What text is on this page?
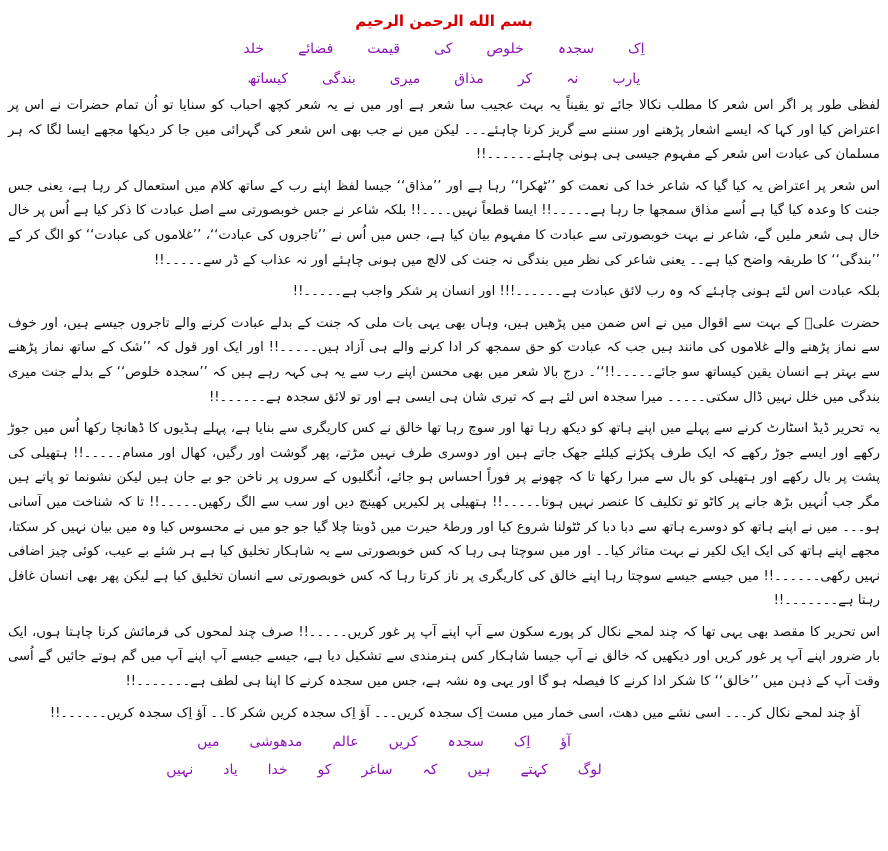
بسم الله الرحمن الرحیم
اِک
سجدہ
خلوص
کی
قیمت
فضائے
خلد
یارب
نہ
کر
مذاق
میری
بندگی
کیساتھ

لفظی طور پر اگر اس شعر کا مطلب نکالا جائے تو یقیناً یہ بہت عجیب سا شعر ہے اور میں نے یہ شعر کچھ احباب کو سنایا تو اُن تمام حضرات نے اس پر اعتراض کیا اور کہا کہ ایسے اشعار پڑھنے اور سننے سے گریز کرنا چاہئے۔۔۔ لیکن میں نے جب بھی اس شعر کی گہرائی میں جا کر دیکھا مجھے ایسا لگا کہ ہر مسلمان کی عبادت اس شعر کے مفہوم جیسی ہی ہونی چاہئے۔۔۔۔۔۔!!

اس شعر پر اعتراض یہ کیا گیا کہ شاعر خدا کی نعمت کو ’’ٹھکرا‘‘ رہا ہے اور ’’مذاق‘‘ جیسا لفظ اپنے رب کے ساتھ کلام میں استعمال کر رہا ہے، یعنی جس جنت کا وعدہ کیا گیا ہے اُسے مذاق سمجھا جا رہا ہے۔۔۔۔۔!! ایسا قطعاً نہیں۔۔۔۔!! بلکہ شاعر نے جس خوبصورتی سے اصل عبادت کا ذکر کیا ہے اُس پر خال خال ہی شعر ملیں گے، شاعر نے بہت خوبصورتی سے عبادت کا مفہوم بیان کیا ہے، جس میں اُس نے ’’تاجروں کی عبادت‘‘، ’’غلاموں کی عبادت‘‘ کو الگ کر کے ’’بندگی‘‘ کا طریقہ واضح کیا ہے۔۔ یعنی شاعر کی نظر میں بندگی نہ جنت کی لالچ میں ہونی چاہئے اور نہ عذاب کے ڈر سے۔۔۔۔۔!!

بلکہ عبادت اس لئے ہونی چاہئے کہ وہ رب لائق عبادت ہے۔۔۔۔۔۔!!! اور انسان پر شکر واجب ہے۔۔۔۔۔!!

حضرت علیؓ کے بہت سے اقوال میں نے اس ضمن میں پڑھیں ہیں، وہاں بھی یہی بات ملی کہ جنت کے بدلے عبادت کرنے والے تاجروں جیسے ہیں، اور خوف سے نماز پڑھنے والے غلاموں کی مانند ہیں جب کہ عبادت کو حق سمجھ کر ادا کرنے والے ہی آزاد ہیں۔۔۔۔۔!! اور ایک اور قول کہ ’’شک کے ساتھ نماز پڑھنے سے بہتر ہے انسان یقین کیساتھ سو جائے۔۔۔۔۔!!‘‘۔ درج بالا شعر میں بھی محسن اپنے رب سے یہ ہی کہہ رہے ہیں کہ ’’سجدہ خلوص‘‘ کے بدلے جنت میری بندگی میں خلل نہیں ڈال سکتی۔۔۔۔۔ میرا سجدہ اس لئے ہے کہ تیری شان ہی ایسی ہے اور تو لائق سجدہ ہے۔۔۔۔۔۔!!

یہ تحریر ڈیڈ اسٹارٹ کرنے سے پہلے میں اپنے ہاتھ کو دیکھ رہا تھا اور سوچ رہا تھا خالق نے کس کاریگری سے بنایا ہے، پہلے ہڈیوں کا ڈھانچا رکھا اُس میں جوڑ رکھے اور ایسے جوڑ رکھے کہ ایک طرف پکڑنے کیلئے جھک جاتے ہیں اور دوسری طرف نہیں مڑتے، پھر گوشت اور رگیں، کھال اور مسام۔۔۔۔۔!! ہتھیلی کی پشت پر بال رکھے اور ہتھیلی کو بال سے مبرا رکھا تا کہ چھونے پر فوراً احساس ہو جائے، اُنگلیوں کے سروں پر ناخن جو بے جان ہیں لیکن نشونما تو پاتے ہیں مگر جب اُنہیں بڑھ جانے پر کاٹو تو تکلیف کا عنصر نہیں ہوتا۔۔۔۔۔!! ہتھیلی پر لکیریں کھینچ دیں اور سب سے الگ رکھیں۔۔۔۔۔!! تا کہ شناخت میں آسانی ہو۔۔۔ میں نے اپنے ہاتھ کو دوسرے ہاتھ سے دبا دبا کر ٹٹولنا شروع کیا اور ورطۂ حیرت میں ڈوبتا چلا گیا جو جو میں نے محسوس کیا وہ میں بیان نہیں کر سکتا، مجھے اپنے ہاتھ کی ایک ایک لکیر نے بہت متاثر کیا۔۔ اور میں سوچتا ہی رہا کہ کس خوبصورتی سے یہ شاہکار تخلیق کیا ہے ہر شئے بے عیب، کوئی چیز اضافی نہیں رکھی۔۔۔۔۔۔!! میں جیسے جیسے سوچتا رہا اپنے خالق کی کاریگری پر ناز کرتا رہا کہ کس خوبصورتی سے انسان تخلیق کیا ہے لیکن پھر بھی انسان غافل رہتا ہے۔۔۔۔۔۔۔!!

اس تحریر کا مقصد بھی یہی تھا کہ چند لمحے نکال کر پورے سکون سے آپ اپنے آپ پر غور کریں۔۔۔۔۔!! صرف چند لمحوں کی فرمائش کرنا چاہتا ہوں، ایک بار ضرور اپنے آپ پر غور کریں اور دیکھیں کہ خالق نے آپ جیسا شاہکار کس ہنرمندی سے تشکیل دیا ہے، جیسے جیسے آپ اپنے آپ میں گم ہوتے جائیں گے اُسی وقت آپ کے ذہن میں ’’خالق‘‘ کا شکر ادا کرنے کا فیصلہ ہو گا اور یہی وہ نشہ ہے، جس میں سجدہ کرنے کا اپنا ہی لطف ہے۔۔۔۔۔۔۔!!

آؤ چند لمحے نکال کر۔۔۔ اسی نشے میں دھت، اسی خمار میں مست اِک سجدہ کریں۔۔۔ آؤ اِک سجدہ کریں شکر کا۔۔ آؤ اِک سجدہ کریں۔۔۔۔۔۔!!
آؤ
اِک
سجدہ
کریں
عالم
مدھوشی
میں
لوگ
کہتے
ہیں
کہ
ساغر
کو
خدا
یاد
نہیں
